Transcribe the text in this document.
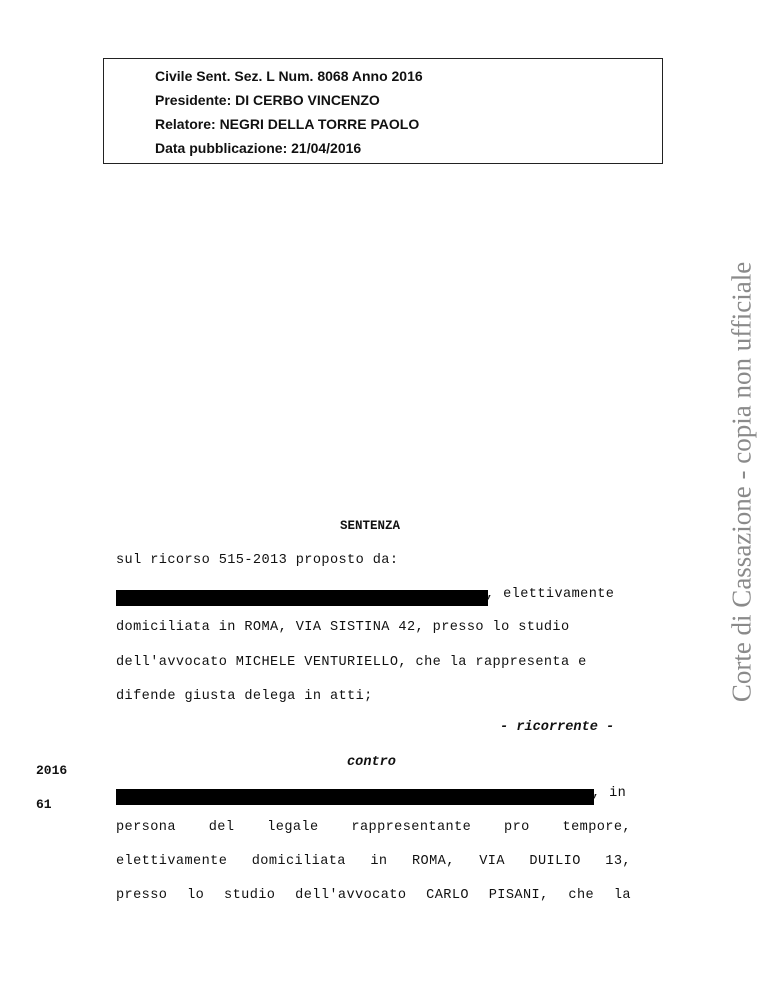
Civile Sent. Sez. L Num. 8068 Anno 2016
Presidente: DI CERBO VINCENZO
Relatore: NEGRI DELLA TORRE PAOLO
Data pubblicazione: 21/04/2016
Corte di Cassazione - copia non ufficiale
SENTENZA
sul ricorso 515-2013 proposto da:
, elettivamente
domiciliata in ROMA, VIA SISTINA 42, presso lo studio
dell'avvocato MICHELE VENTURIELLO, che la rappresenta e
difende giusta delega in atti;
- ricorrente -
contro
2016
61
, in
persona del legale rappresentante pro tempore,
elettivamente domiciliata in ROMA, VIA DUILIO 13,
presso lo studio dell'avvocato CARLO PISANI, che la
